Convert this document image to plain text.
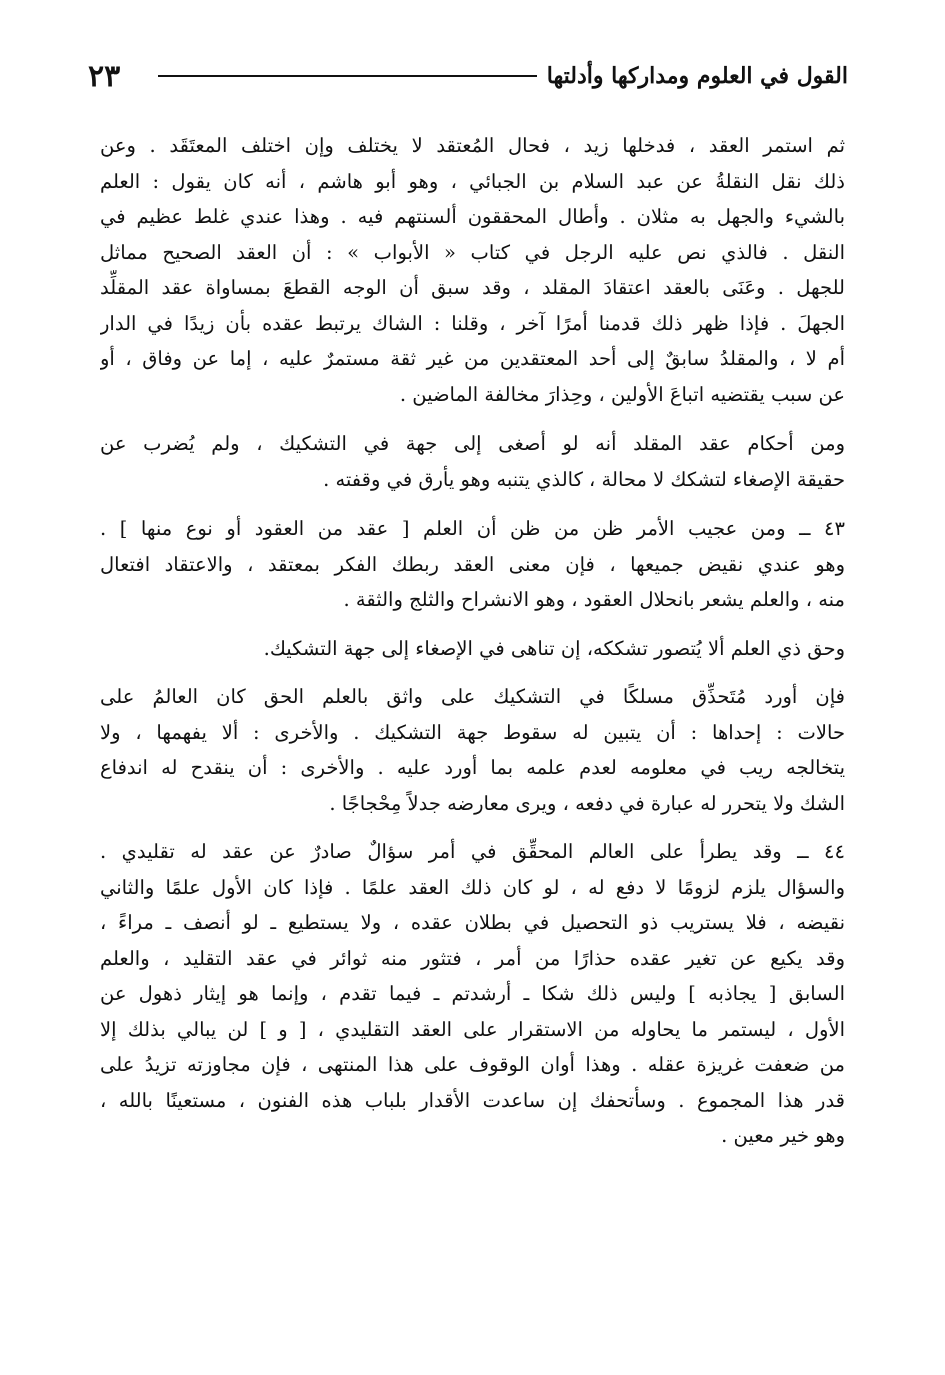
٢٣	القول في العلوم ومداركها وأدلتها
ثم استمر العقد ، فدخلها زيد ، فحال المُعتقد لا يختلف وإن اختلف المعتَقَد . وعن
ذلك نقل النقلةُ عن عبد السلام بن الجبائي ، وهو أبو هاشم ، أنه كان يقول : العلم
بالشيء والجهل به مثلان . وأطال المحققون ألسنتهم فيه . وهذا عندي غلط عظيم في
النقل . فالذي نص عليه الرجل في كتاب « الأبواب » : أن العقد الصحيح مماثل
للجهل . وعَنَى بالعقد اعتقادَ المقلد ، وقد سبق أن الوجه القطعَ بمساواة عقد المقلِّد
الجهلَ . فإذا ظهر ذلك قدمنا أمرًا آخر ، وقلنا : الشاك يرتبط عقده بأن زيدًا في الدار
أم لا ، والمقلدُ سابقٌ إلى أحد المعتقدين من غير ثقة مستمرٌ عليه ، إما عن وفاق ، أو
عن سبب يقتضيه اتباعَ الأولين ، وحِذارَ مخالفة الماضين .
ومن أحكام عقد المقلد أنه لو أصغى إلى جهة في التشكيك ، ولم يُضرب عن
حقيقة الإصغاء لتشكك لا محالة ، كالذي يتنبه وهو يأرق في وقفته .
٤٣ ــ ومن عجيب الأمر ظن من ظن أن العلم [ عقد من العقود أو نوع منها ] .
وهو عندي نقيض جميعها ، فإن معنى العقد ربطك الفكر بمعتقد ، والاعتقاد افتعال
منه ، والعلم يشعر بانحلال العقود ، وهو الانشراح والثلج والثقة .
وحق ذي العلم ألا يُتصور تشككه، إن تناهى في الإصغاء إلى جهة التشكيك.
فإن أورد مُتَحذِّق مسلكًا في التشكيك على واثق بالعلم الحق كان العالمُ على
حالات : إحداها : أن يتبين له سقوط جهة التشكيك . والأخرى : ألا يفهمها ، ولا
يتخالجه ريب في معلومه لعدم علمه بما أورد عليه . والأخرى : أن ينقدح له اندفاع
الشك ولا يتحرر له عبارة في دفعه ، ويرى معارضه جدلاً مِحْجاجًا .
٤٤ ــ وقد يطرأ على العالم المحقِّق في أمر سؤالٌ صادرٌ عن عقد له تقليدي .
والسؤال يلزم لزومًا لا دفع له ، لو كان ذلك العقد علمًا . فإذا كان الأول علمًا والثاني
نقيضه ، فلا يستريب ذو التحصيل في بطلان عقده ، ولا يستطيع ـ لو أنصف ـ مراءً ،
وقد يكيع عن تغير عقده حذارًا من أمر ، فتثور منه ثوائر في عقد التقليد ، والعلم
السابق [ يجاذبه ] وليس ذلك شكا ـ أرشدتم ـ فيما تقدم ، وإنما هو إيثار ذهول عن
الأول ، ليستمر ما يحاوله من الاستقرار على العقد التقليدي ، [ و ] لن يبالي بذلك إلا
من ضعفت غريزة عقله . وهذا أوان الوقوف على هذا المنتهى ، فإن مجاوزته تزيدُ على
قدر هذا المجموع . وسأتحفك إن ساعدت الأقدار بلباب هذه الفنون ، مستعينًا بالله ،
وهو خير معين .
